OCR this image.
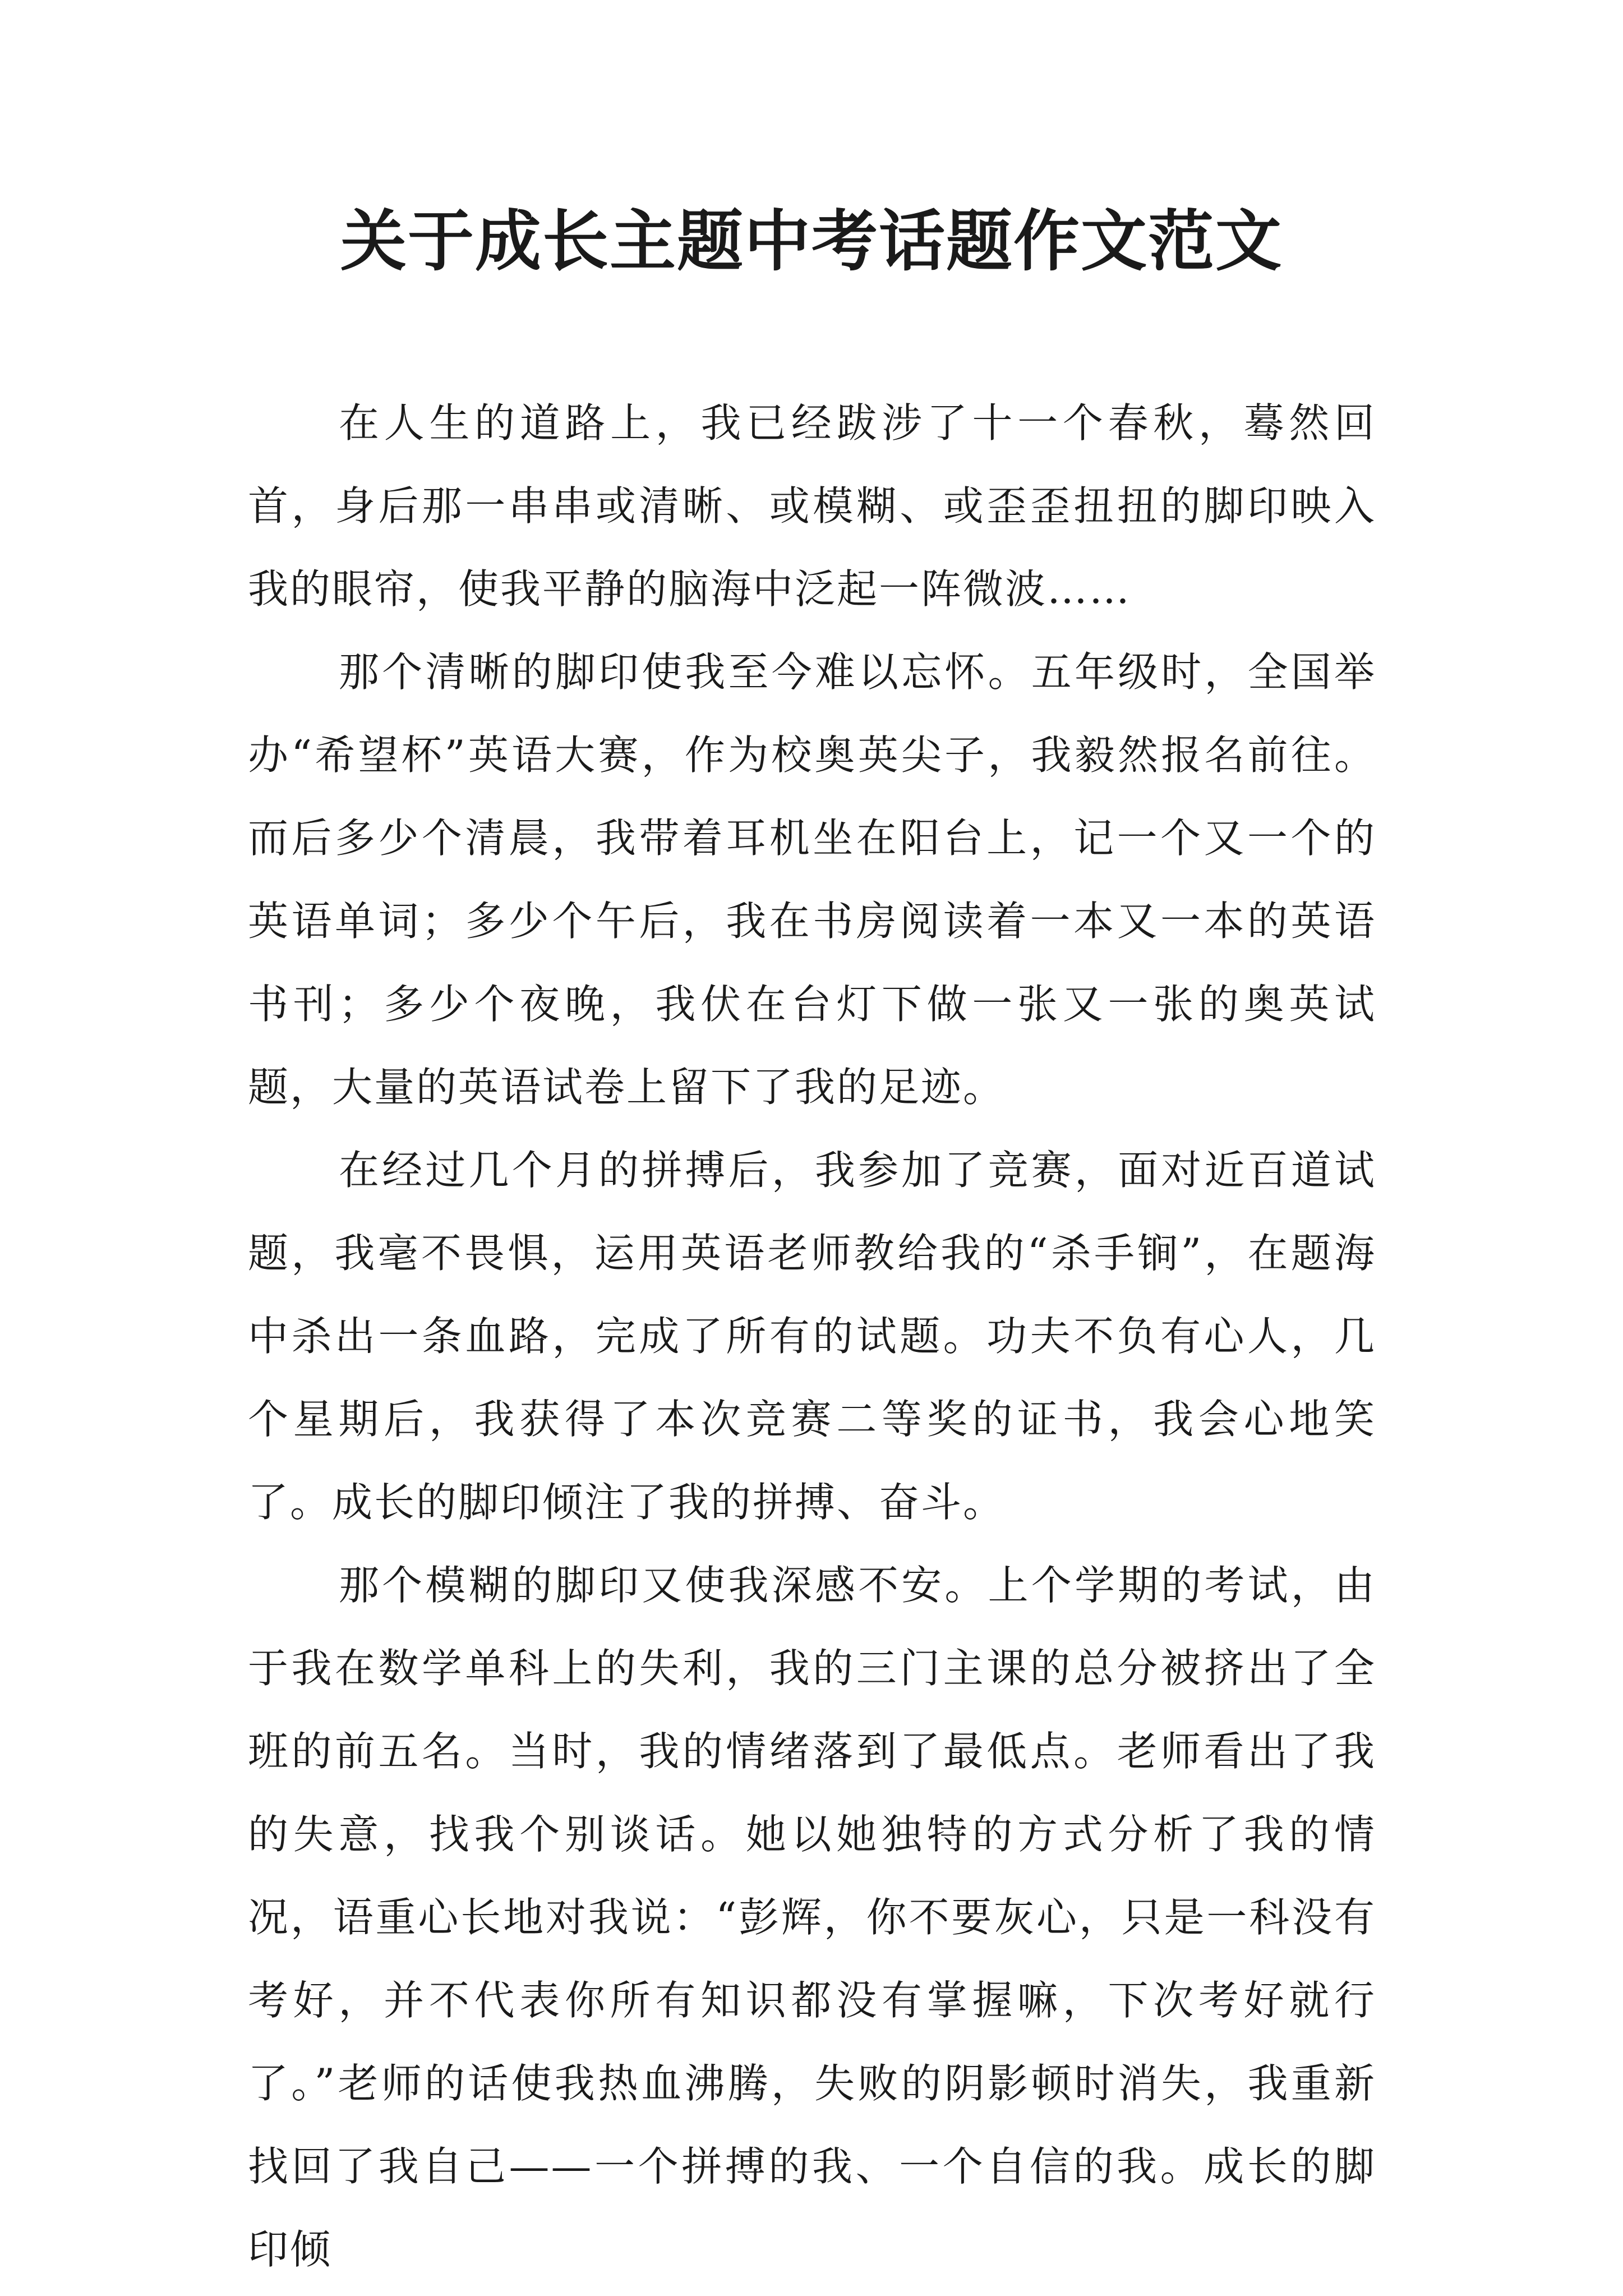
关于成长主题中考话题作文范文

在人生的道路上，我已经跋涉了十一个春秋，蓦然回首，身后那一串串或清晰、或模糊、或歪歪扭扭的脚印映入我的眼帘，使我平静的脑海中泛起一阵微波……

那个清晰的脚印使我至今难以忘怀。五年级时，全国举办“希望杯”英语大赛，作为校奥英尖子，我毅然报名前往。而后多少个清晨，我带着耳机坐在阳台上，记一个又一个的英语单词；多少个午后，我在书房阅读着一本又一本的英语书刊；多少个夜晚，我伏在台灯下做一张又一张的奥英试题，大量的英语试卷上留下了我的足迹。

在经过几个月的拼搏后，我参加了竞赛，面对近百道试题，我毫不畏惧，运用英语老师教给我的“杀手锏”，在题海中杀出一条血路，完成了所有的试题。功夫不负有心人，几个星期后，我获得了本次竞赛二等奖的证书，我会心地笑了。成长的脚印倾注了我的拼搏、奋斗。

那个模糊的脚印又使我深感不安。上个学期的考试，由于我在数学单科上的失利，我的三门主课的总分被挤出了全班的前五名。当时，我的情绪落到了最低点。老师看出了我的失意，找我个别谈话。她以她独特的方式分析了我的情况，语重心长地对我说：“彭辉，你不要灰心，只是一科没有考好，并不代表你所有知识都没有掌握嘛，下次考好就行了。”老师的话使我热血沸腾，失败的阴影顿时消失，我重新找回了我自己——一个拼搏的我、一个自信的我。成长的脚印倾
